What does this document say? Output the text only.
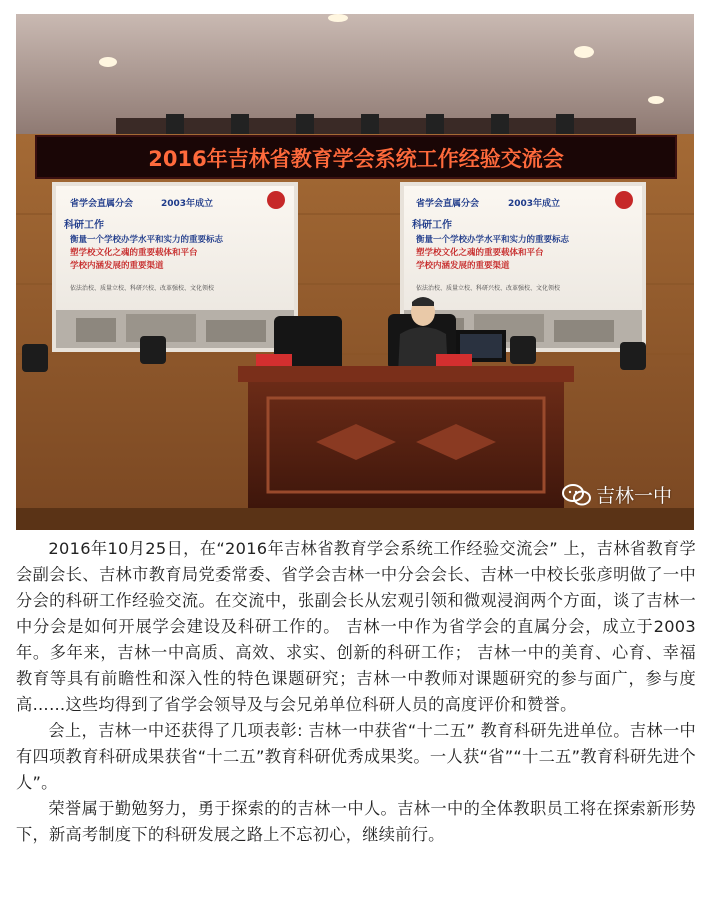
2016年吉林省教育学会系统工作经验交流会
省学会直属分会	2003年成立
科研工作
衡量一个学校办学水平和实力的重要标志
塑学校文化之魂的重要载体和平台
学校内涵发展的重要渠道
依法治校、质量立校、科研兴校、改革强校、文化领校
省学会直属分会	2003年成立
科研工作
衡量一个学校办学水平和实力的重要标志
塑学校文化之魂的重要载体和平台
学校内涵发展的重要渠道
依法治校、质量立校、科研兴校、改革强校、文化领校
吉林一中

2016年10月25日，在“2016年吉林省教育学会系统工作经验交流会” 上，吉林省教育学会副会长、吉林市教育局党委常委、省学会吉林一中分会会长、吉林一中校长张彦明做了一中分会的科研工作经验交流。在交流中，张副会长从宏观引领和微观浸润两个方面，谈了吉林一中分会是如何开展学会建设及科研工作的。 吉林一中作为省学会的直属分会，成立于2003年。多年来，吉林一中高质、高效、求实、创新的科研工作； 吉林一中的美育、心育、幸福教育等具有前瞻性和深入性的特色课题研究；吉林一中教师对课题研究的参与面广，参与度高……这些均得到了省学会领导及与会兄弟单位科研人员的高度评价和赞誉。

会上，吉林一中还获得了几项表彰: 吉林一中获省“十二五” 教育科研先进单位。吉林一中有四项教育科研成果获省“十二五”教育科研优秀成果奖。一人获“省”“十二五”教育科研先进个人”。

荣誉属于勤勉努力，勇于探索的的吉林一中人。吉林一中的全体教职员工将在探索新形势下，新高考制度下的科研发展之路上不忘初心，继续前行。
